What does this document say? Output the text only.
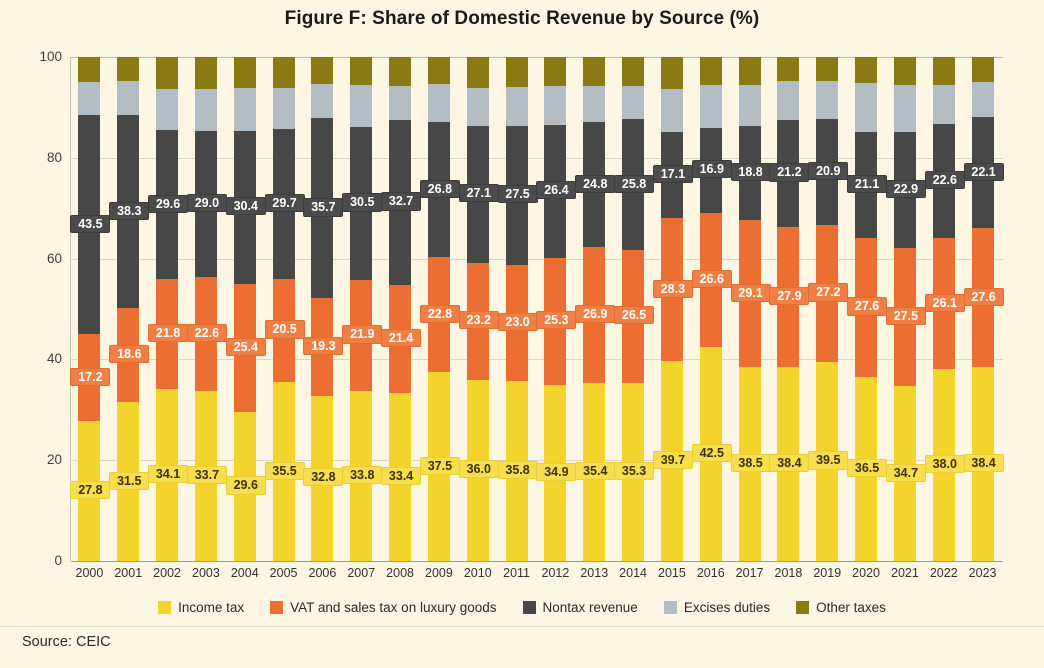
Figure F: Share of Domestic Revenue by Source (%)
Income tax	VAT and sales tax on luxury goods	Nontax revenue	Excises duties	Other taxes
Source: CEIC
0
20
40
60
80
100
27.8
17.2
43.5
2000
31.5
18.6
38.3
2001
34.1
21.8
29.6
2002
33.7
22.6
29.0
2003
29.6
25.4
30.4
2004
35.5
20.5
29.7
2005
32.8
19.3
35.7
2006
33.8
21.9
30.5
2007
33.4
21.4
32.7
2008
37.5
22.8
26.8
2009
36.0
23.2
27.1
2010
35.8
23.0
27.5
2011
34.9
25.3
26.4
2012
35.4
26.9
24.8
2013
35.3
26.5
25.8
2014
39.7
28.3
17.1
2015
42.5
26.6
16.9
2016
38.5
29.1
18.8
2017
38.4
27.9
21.2
2018
39.5
27.2
20.9
2019
36.5
27.6
21.1
2020
34.7
27.5
22.9
2021
38.0
26.1
22.6
2022
38.4
27.6
22.1
2023
